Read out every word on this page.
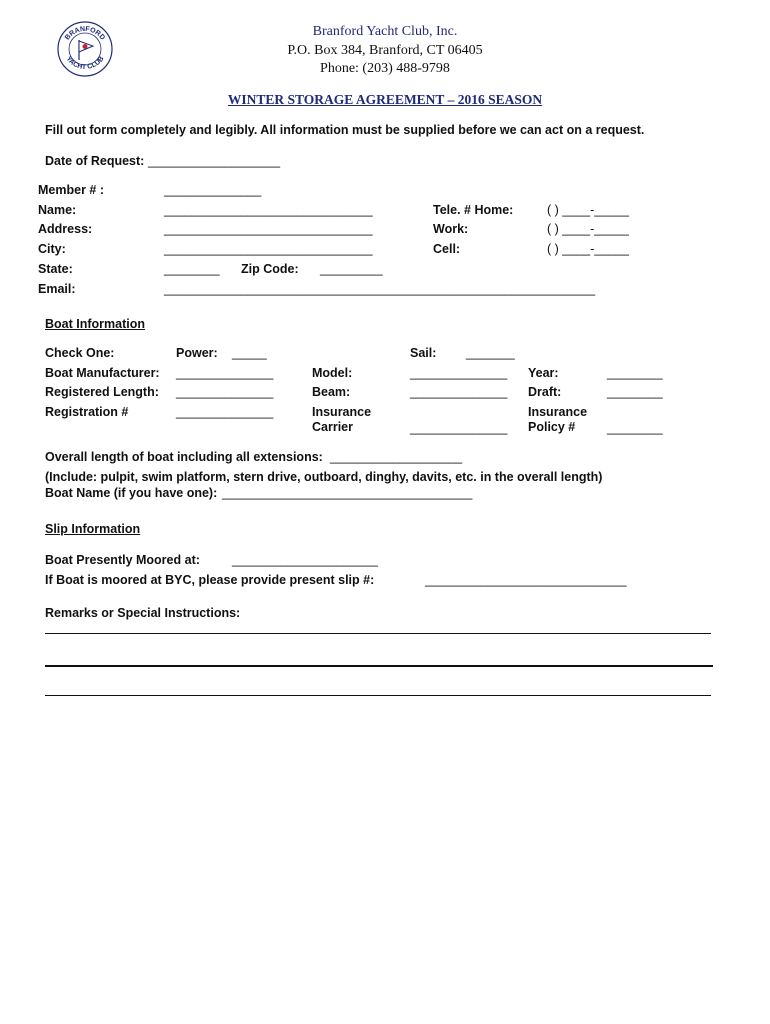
BRANFORD
YACHT CLUB
Branford Yacht Club, Inc.
P.O. Box 384, Branford, CT 06405
Phone: (203) 488-9798
WINTER STORAGE AGREEMENT – 2016 SEASON
Fill out form completely and legibly. All information must be supplied before we can act on a request.
Date of Request: ___________________
Member # :	______________
Name:	______________________________
Address:	______________________________
City:	______________________________
State:	________ Zip Code: _________
Email:	______________________________________________________________
Tele. # Home:	( ) ____-_____
Work:	( ) ____-_____
Cell:	( ) ____-_____
Boat Information
Check One:	Power: _____	Sail: _______
Boat Manufacturer: ______________	Model:	______________ Year:	________
Registered Length: ______________	Beam:	______________ Draft:	________
Registration #	______________	Insurance
Carrier	______________
Insurance
Policy #	________
Overall length of boat including all extensions: ___________________
(Include: pulpit, swim platform, stern drive, outboard, dinghy, davits, etc. in the overall length)
Boat Name (if you have one): ____________________________________
Slip Information
Boat Presently Moored at:	_____________________
If Boat is moored at BYC, please provide present slip #:	_____________________________
Remarks or Special Instructions:
